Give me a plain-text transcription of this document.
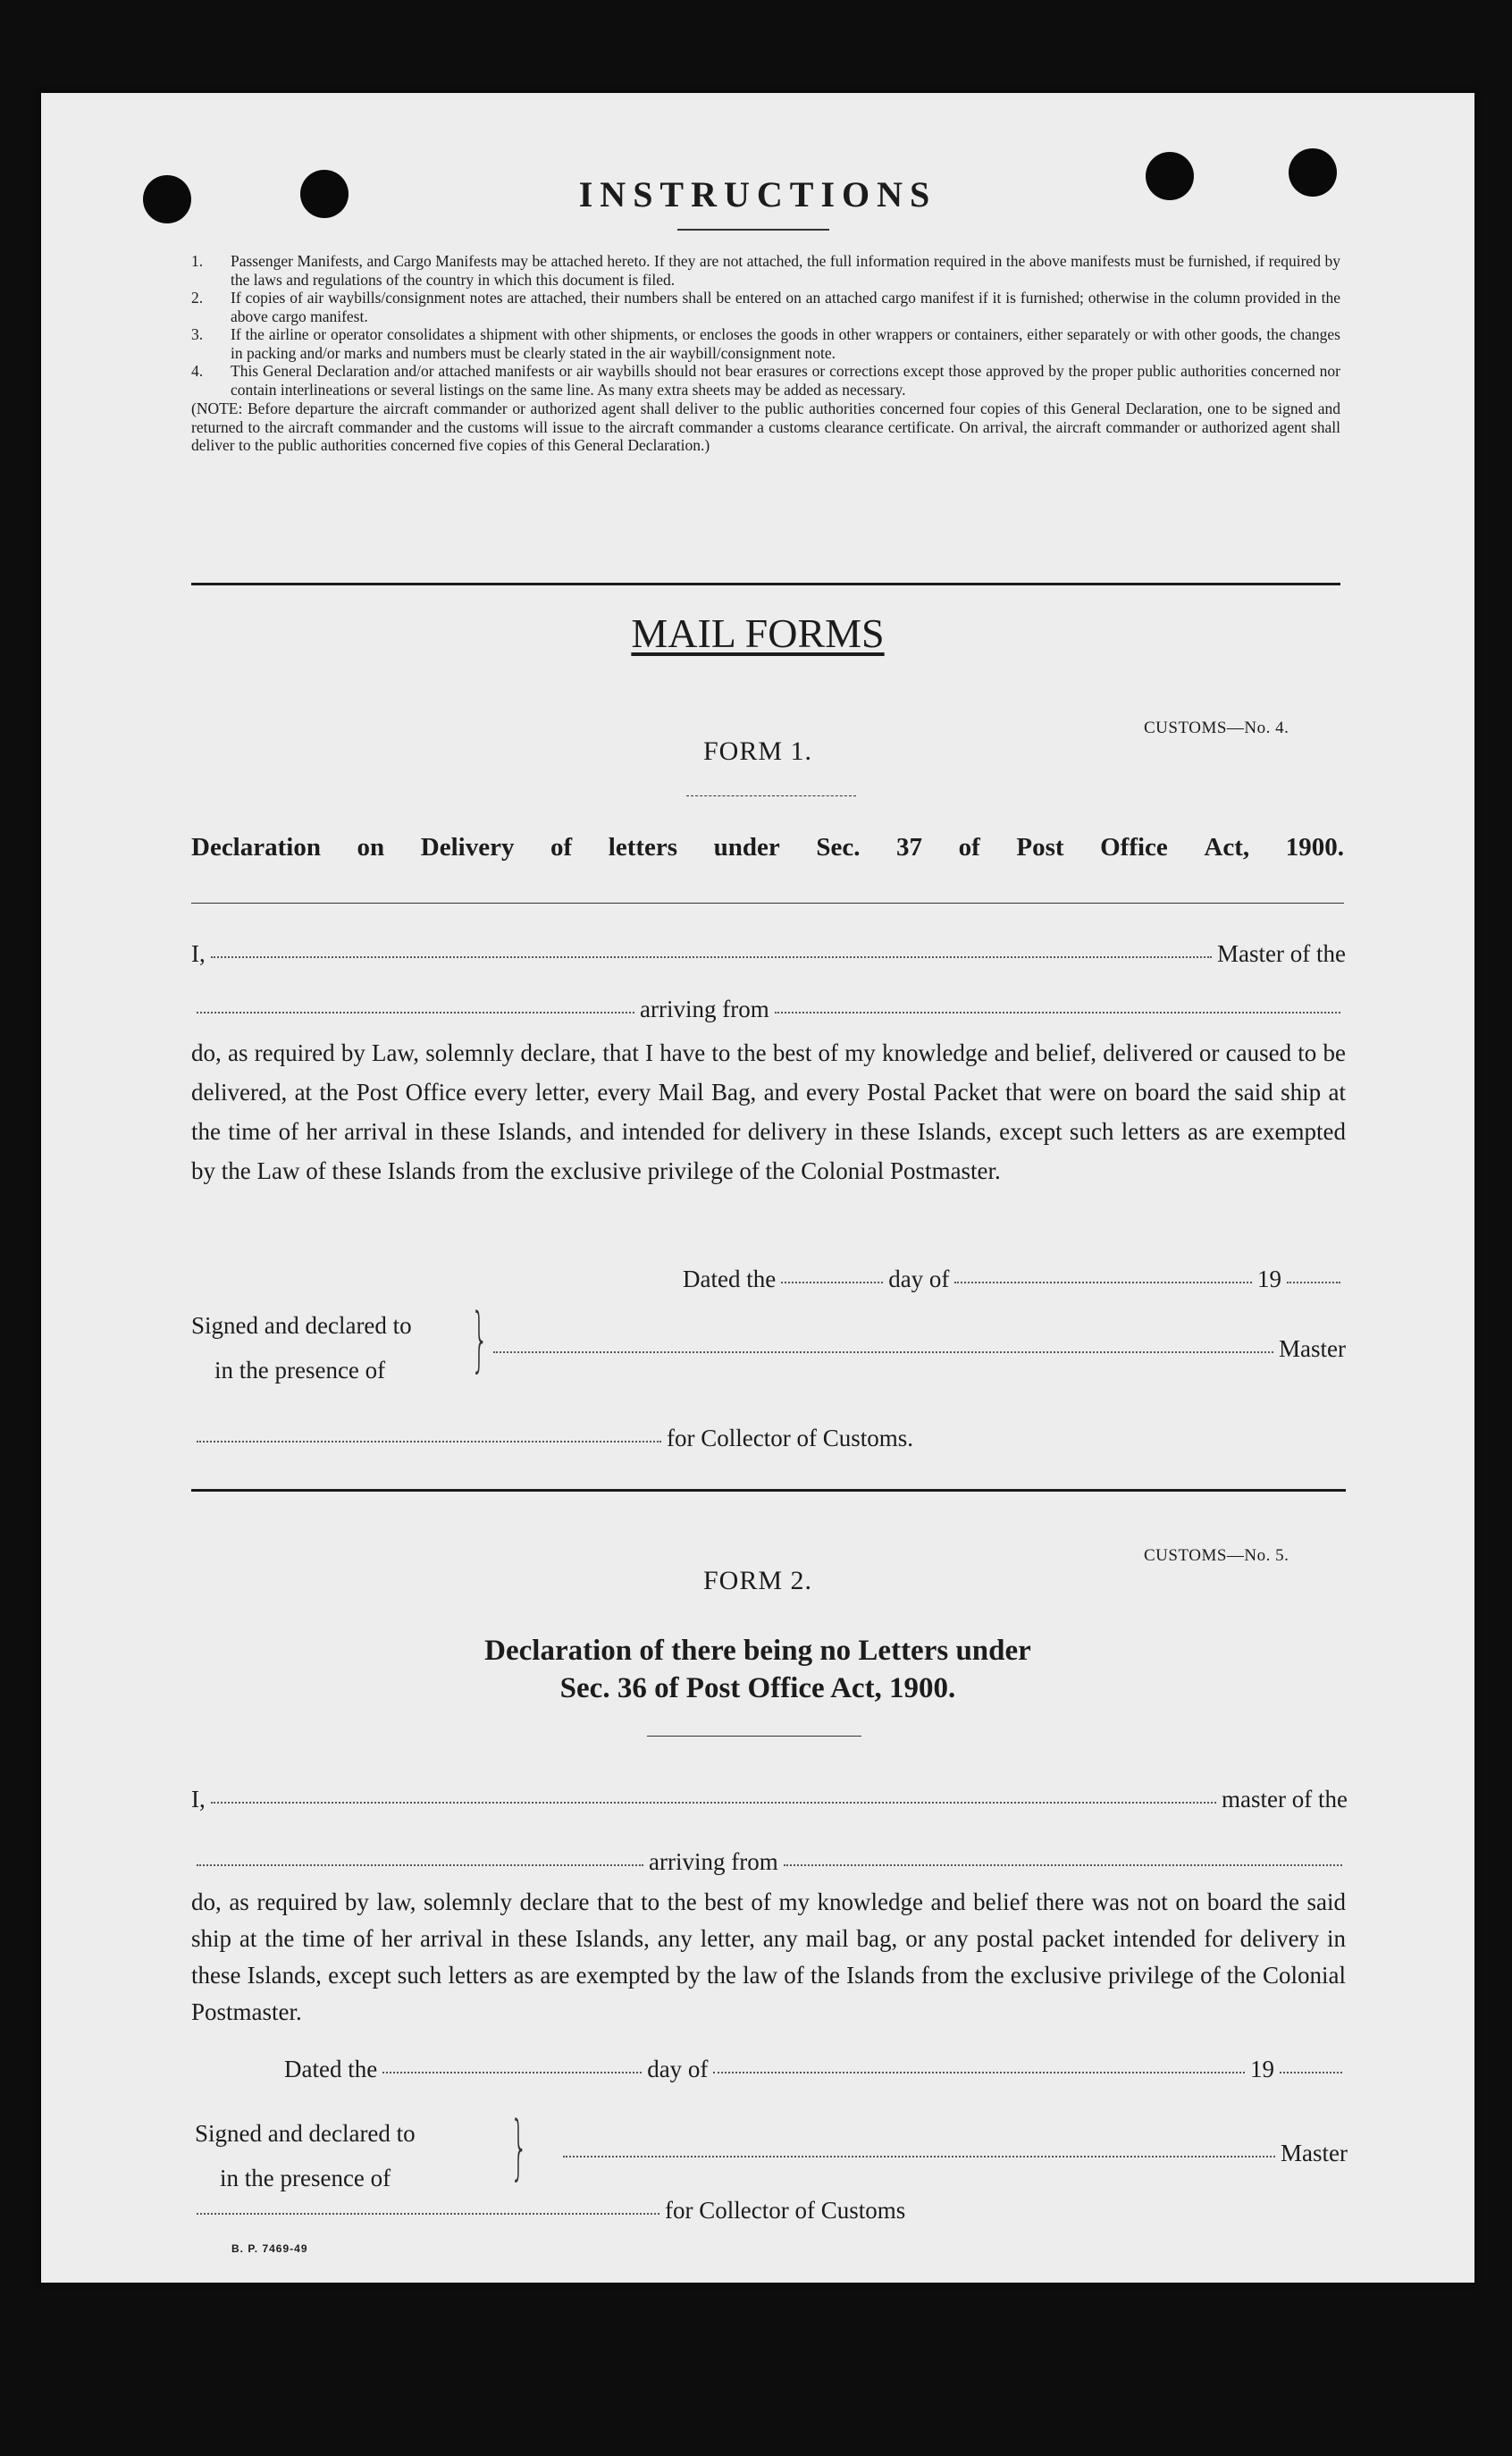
INSTRUCTIONS
1.	Passenger Manifests, and Cargo Manifests may be attached hereto. If they are not attached, the full information required in the above manifests must be furnished, if required by the laws and regulations of the country in which this document is filed.
2.	If copies of air waybills/consignment notes are attached, their numbers shall be entered on an attached cargo manifest if it is furnished; otherwise in the column provided in the above cargo manifest.
3.	If the airline or operator consolidates a shipment with other shipments, or encloses the goods in other wrappers or containers, either separately or with other goods, the changes in packing and/or marks and numbers must be clearly stated in the air waybill/consignment note.
4.	This General Declaration and/or attached manifests or air waybills should not bear erasures or corrections except those approved by the proper public authorities concerned nor contain interlineations or several listings on the same line. As many extra sheets may be added as necessary.
(NOTE: Before departure the aircraft commander or authorized agent shall deliver to the public authorities concerned four copies of this General Declaration, one to be signed and returned to the aircraft commander and the customs will issue to the aircraft commander a customs clearance certificate. On arrival, the aircraft commander or authorized agent shall deliver to the public authorities concerned five copies of this General Declaration.)
MAIL FORMS
CUSTOMS—No. 4.
FORM 1.
Declaration on Delivery of letters under Sec. 37 of Post Office Act, 1900.
I,	Master of the
arriving from
do, as required by Law, solemnly declare, that I have to the best of my knowledge and belief, delivered or caused to be delivered, at the Post Office every letter, every Mail Bag, and every Postal Packet that were on board the said ship at the time of her arrival in these Islands, and intended for delivery in these Islands, except such letters as are exempted by the Law of these Islands from the exclusive privilege of the Colonial Postmaster.
Dated the	day of	19
Signed and declared to
in the presence of	}	Master
for Collector of Customs.
CUSTOMS—No. 5.
FORM 2.
Declaration of there being no Letters under
Sec. 36 of Post Office Act, 1900.
I,	master of the
arriving from
do, as required by law, solemnly declare that to the best of my knowledge and belief there was not on board the said ship at the time of her arrival in these Islands, any letter, any mail bag, or any postal packet intended for delivery in these Islands, except such letters as are exempted by the law of the Islands from the exclusive privilege of the Colonial Postmaster.
Dated the	day of	19
Signed and declared to
in the presence of	}	Master
for Collector of Customs
B. P. 7469-49
